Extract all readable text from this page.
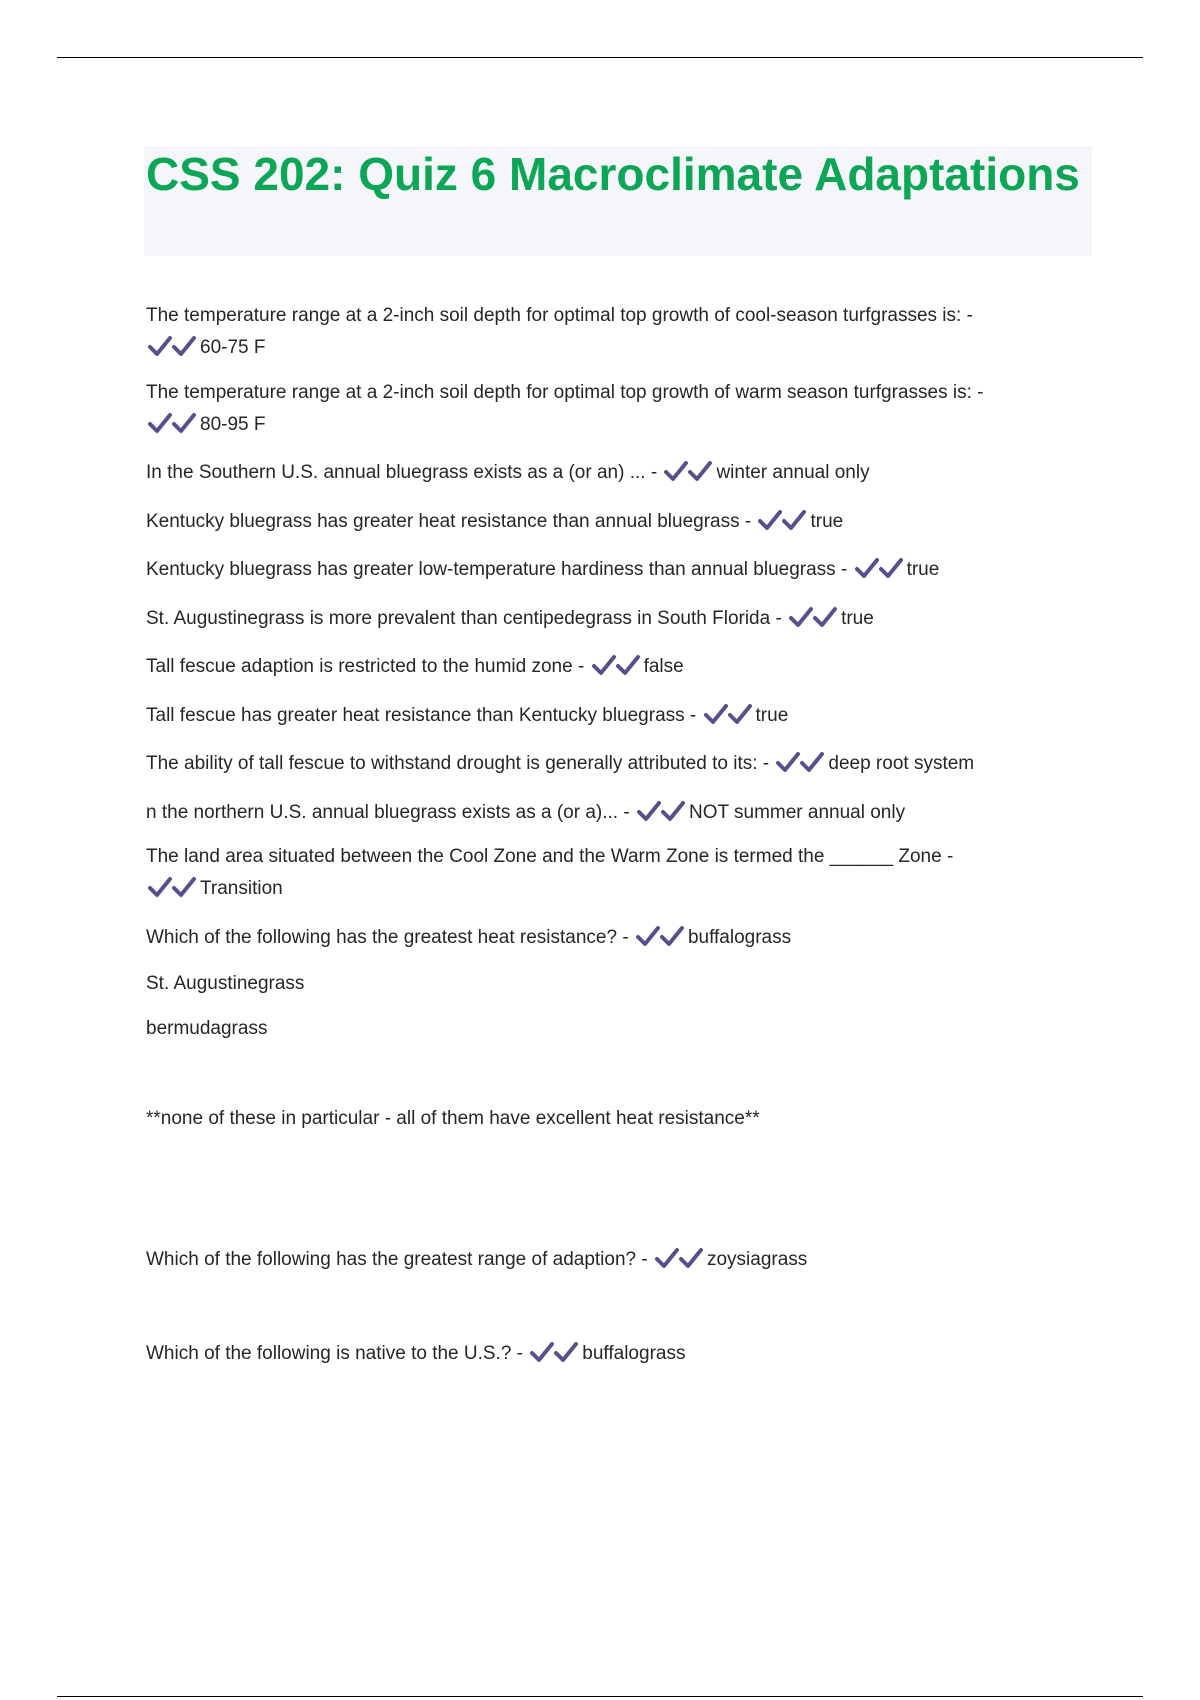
CSS 202: Quiz 6 Macroclimate Adaptations

The temperature range at a 2-inch soil depth for optimal top growth of cool-season turfgrasses is: -

60-75 F

The temperature range at a 2-inch soil depth for optimal top growth of warm season turfgrasses is: -

80-95 F

In the Southern U.S. annual bluegrass exists as a (or an) ... -	winter annual only

Kentucky bluegrass has greater heat resistance than annual bluegrass -	true

Kentucky bluegrass has greater low-temperature hardiness than annual bluegrass -	true

St. Augustinegrass is more prevalent than centipedegrass in South Florida -	true

Tall fescue adaption is restricted to the humid zone -	false

Tall fescue has greater heat resistance than Kentucky bluegrass -	true

The ability of tall fescue to withstand drought is generally attributed to its: -	deep root system

n the northern U.S. annual bluegrass exists as a (or a)... -	NOT summer annual only

The land area situated between the Cool Zone and the Warm Zone is termed the ______ Zone -

Transition

Which of the following has the greatest heat resistance? -	buffalograss

St. Augustinegrass

bermudagrass

**none of these in particular - all of them have excellent heat resistance**

Which of the following has the greatest range of adaption? -	zoysiagrass

Which of the following is native to the U.S.? -	buffalograss
